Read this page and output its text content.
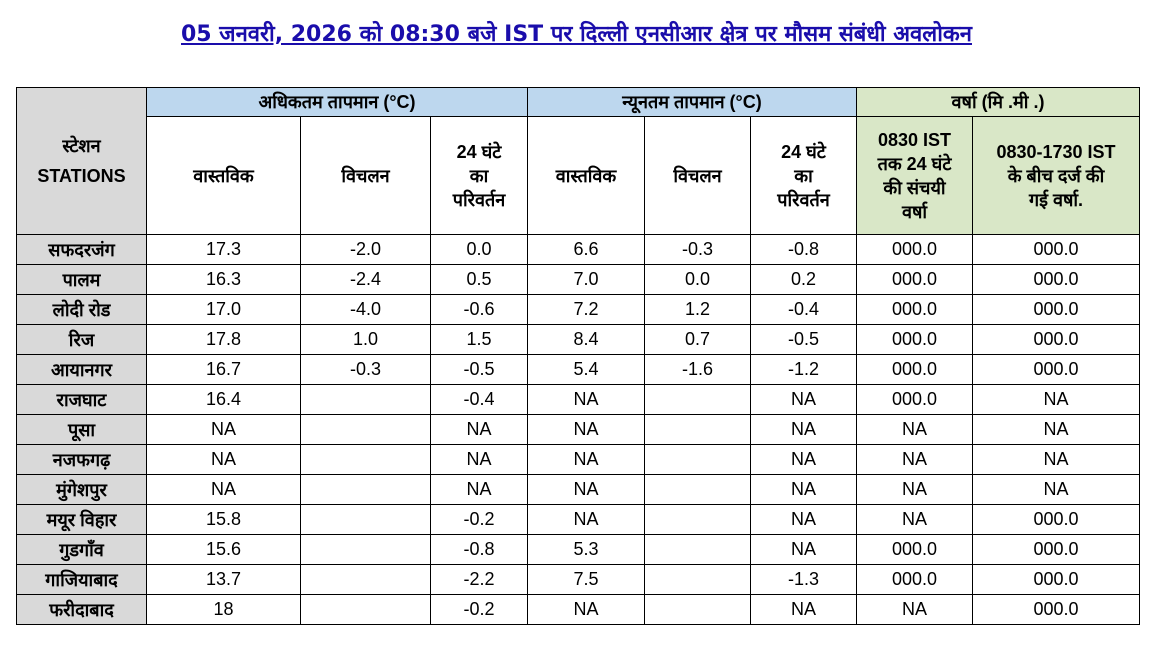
05 जनवरी, 2026 को 08:30 बजे IST पर दिल्ली एनसीआर क्षेत्र पर मौसम संबंधी अवलोकन
स्टेशन
STATIONS	अधिकतम तापमान (°C)			न्यूनतम तापमान (°C)			वर्षा (मि .मी .)	
	वास्तविक	विचलन	24 घंटे
का
परिवर्तन	वास्तविक	विचलन	24 घंटे
का
परिवर्तन	0830 IST
तक 24 घंटे
की संचयी
वर्षा	0830-1730 IST
के बीच दर्ज की
गई वर्षा.
सफदरजंग	17.3	-2.0	0.0	6.6	-0.3	-0.8	000.0	000.0
पालम	16.3	-2.4	0.5	7.0	0.0	0.2	000.0	000.0
लोदी रोड	17.0	-4.0	-0.6	7.2	1.2	-0.4	000.0	000.0
रिज	17.8	1.0	1.5	8.4	0.7	-0.5	000.0	000.0
आयानगर	16.7	-0.3	-0.5	5.4	-1.6	-1.2	000.0	000.0
राजघाट	16.4		-0.4	NA		NA	000.0	NA
पूसा	NA		NA	NA		NA	NA	NA
नजफगढ़	NA		NA	NA		NA	NA	NA
मुंगेशपुर	NA		NA	NA		NA	NA	NA
मयूर विहार	15.8		-0.2	NA		NA	NA	000.0
गुडगाँव	15.6		-0.8	5.3		NA	000.0	000.0
गाजियाबाद	13.7		-2.2	7.5		-1.3	000.0	000.0
फरीदाबाद	18		-0.2	NA		NA	NA	000.0
